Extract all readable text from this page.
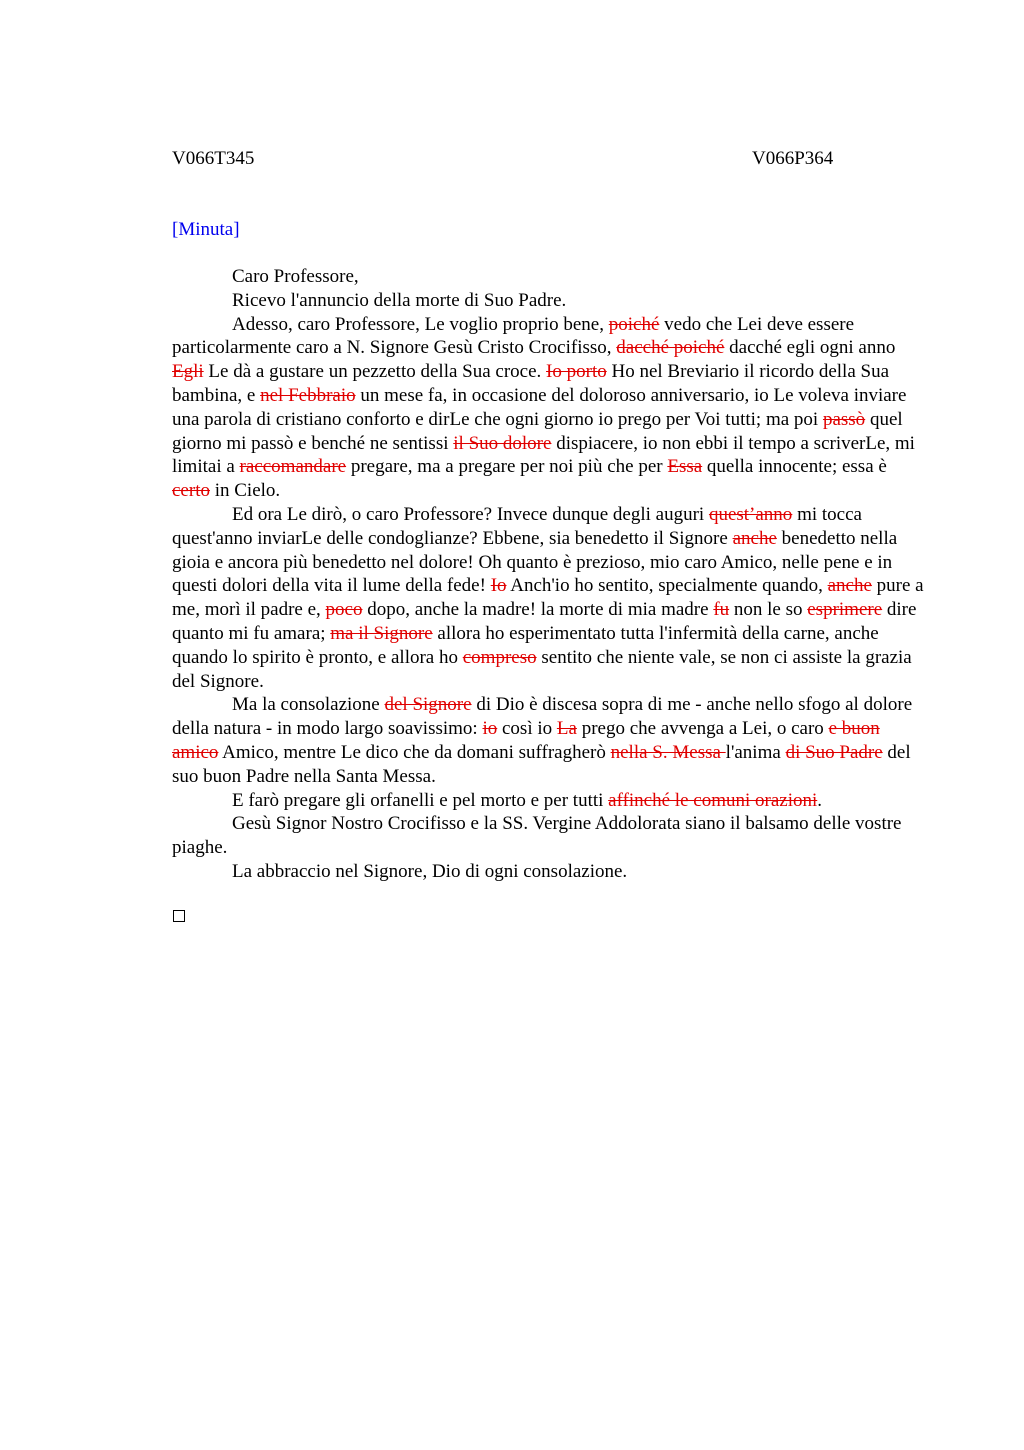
V066T345	V066P364
[Minuta]

Caro Professore,

Ricevo l'annuncio della morte di Suo Padre.

Adesso, caro Professore, Le voglio proprio bene, poiché vedo che Lei deve essere particolarmente caro a N. Signore Gesù Cristo Crocifisso, dacché poiché dacché egli ogni anno Egli Le dà a gustare un pezzetto della Sua croce. Io porto Ho nel Breviario il ricordo della Sua bambina, e nel Febbraio un mese fa, in occasione del doloroso anniversario, io Le voleva inviare una parola di cristiano conforto e dirLe che ogni giorno io prego per Voi tutti; ma poi passò quel giorno mi passò e benché ne sentissi il Suo dolore dispiacere, io non ebbi il tempo a scriverLe, mi limitai a raccomandare pregare, ma a pregare per noi più che per Essa quella innocente; essa è certo in Cielo.

Ed ora Le dirò, o caro Professore? Invece dunque degli auguri quest’anno mi tocca quest'anno inviarLe delle condoglianze? Ebbene, sia benedetto il Signore anche benedetto nella gioia e ancora più benedetto nel dolore! Oh quanto è prezioso, mio caro Amico, nelle pene e in questi dolori della vita il lume della fede! Io Anch'io ho sentito, specialmente quando, anche pure a me, morì il padre e, poco dopo, anche la madre! la morte di mia madre fu non le so esprimere dire quanto mi fu amara; ma il Signore allora ho esperimentato tutta l'infermità della carne, anche quando lo spirito è pronto, e allora ho compreso sentito che niente vale, se non ci assiste la grazia del Signore.

Ma la consolazione del Signore di Dio è discesa sopra di me - anche nello sfogo al dolore della natura - in modo largo soavissimo: io così io La prego che avvenga a Lei, o caro e buon amico Amico, mentre Le dico che da domani suffragherò nella S. Messa l'anima di Suo Padre del suo buon Padre nella Santa Messa.

E farò pregare gli orfanelli e pel morto e per tutti affinché le comuni orazioni.

Gesù Signor Nostro Crocifisso e la SS. Vergine Addolorata siano il balsamo delle vostre piaghe.

La abbraccio nel Signore, Dio di ogni consolazione.
